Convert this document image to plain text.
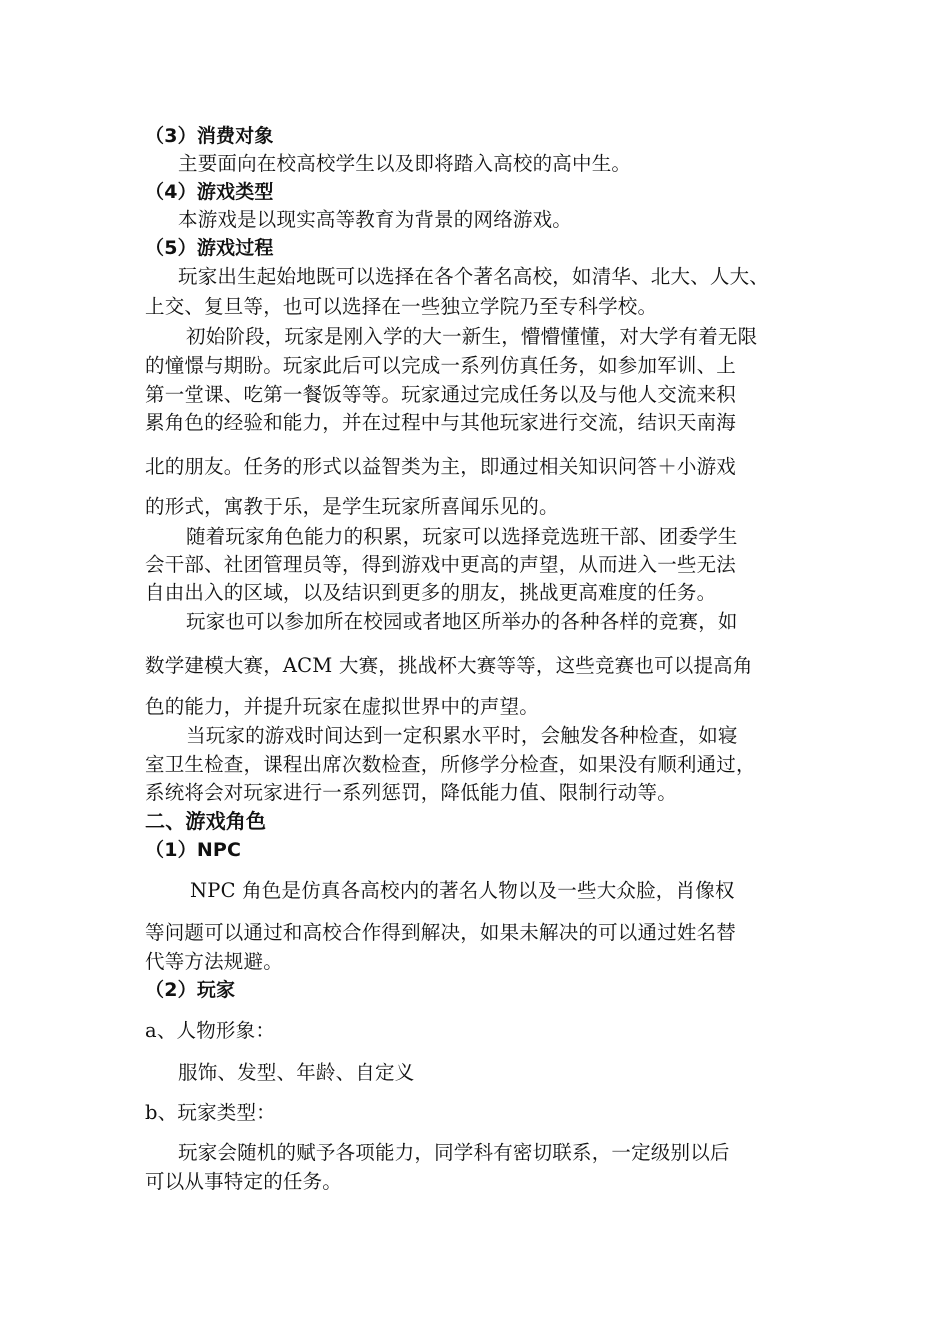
（3）消费对象
主要面向在校高校学生以及即将踏入高校的高中生。
（4）游戏类型
本游戏是以现实高等教育为背景的网络游戏。
（5）游戏过程
玩家出生起始地既可以选择在各个著名高校，如清华、北大、人大、
上交、复旦等，也可以选择在一些独立学院乃至专科学校。
初始阶段，玩家是刚入学的大一新生，懵懵懂懂，对大学有着无限
的憧憬与期盼。玩家此后可以完成一系列仿真任务，如参加军训、上
第一堂课、吃第一餐饭等等。玩家通过完成任务以及与他人交流来积
累角色的经验和能力，并在过程中与其他玩家进行交流，结识天南海
北的朋友。任务的形式以益智类为主，即通过相关知识问答＋小游戏
的形式，寓教于乐，是学生玩家所喜闻乐见的。
随着玩家角色能力的积累，玩家可以选择竞选班干部、团委学生
会干部、社团管理员等，得到游戏中更高的声望，从而进入一些无法
自由出入的区域，以及结识到更多的朋友，挑战更高难度的任务。
玩家也可以参加所在校园或者地区所举办的各种各样的竞赛，如
数学建模大赛，ACM 大赛，挑战杯大赛等等，这些竞赛也可以提高角
色的能力，并提升玩家在虚拟世界中的声望。
当玩家的游戏时间达到一定积累水平时，会触发各种检查，如寝
室卫生检查，课程出席次数检查，所修学分检查，如果没有顺利通过，
系统将会对玩家进行一系列惩罚，降低能力值、限制行动等。
二、游戏角色
（1）NPC
NPC 角色是仿真各高校内的著名人物以及一些大众脸，肖像权
等问题可以通过和高校合作得到解决，如果未解决的可以通过姓名替
代等方法规避。
（2）玩家
a、人物形象：
服饰、发型、年龄、自定义
b、玩家类型：
玩家会随机的赋予各项能力，同学科有密切联系，一定级别以后
可以从事特定的任务。
